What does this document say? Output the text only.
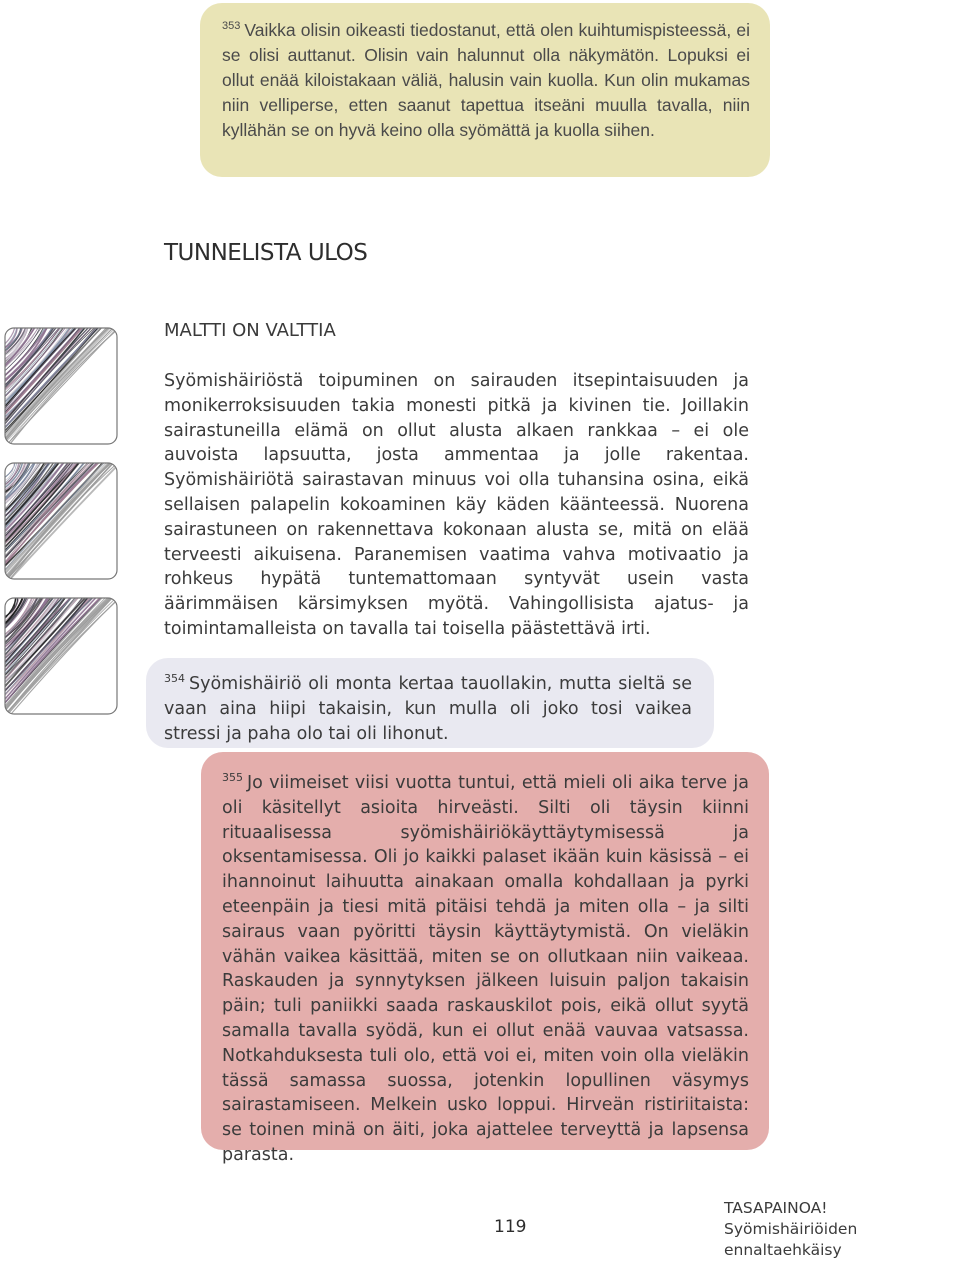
$^{353}$ Vaikka olisin oikeasti tiedostanut, että olen kuihtumispisteessä, ei se olisi auttanut. Olisin vain halunnut olla näkymätön. Lopuksi ei ollut enää kiloistakaan väliä, halusin vain kuolla. Kun olin mukamas niin velliperse, etten saanut tapettua itseäni muulla tavalla, niin kyllähän se on hyvä keino olla syömättä ja kuolla siihen.
TUNNELISTA ULOS
MALTTI ON VALTTIA

Syömishäiriöstä toipuminen on sairauden itsepintaisuuden ja monikerroksisuuden takia monesti pitkä ja kivinen tie. Joillakin sairastuneilla elämä on ollut alusta alkaen rankkaa – ei ole auvoista lapsuutta, josta ammentaa ja jolle rakentaa. Syömishäiriötä sairastavan minuus voi olla tuhansina osina, eikä sellaisen palapelin kokoaminen käy käden käänteessä. Nuorena sairastuneen on rakennettava kokonaan alusta se, mitä on elää terveesti aikuisena. Paranemisen vaatima vahva motivaatio ja rohkeus hypätä tuntemattomaan syntyvät usein vasta äärimmäisen kärsimyksen myötä. Vahingollisista ajatus- ja toimintamalleista on tavalla tai toisella päästettävä irti.

$^{354}$ Syömishäiriö oli monta kertaa tauollakin, mutta sieltä se vaan aina hiipi takaisin, kun mulla oli joko tosi vaikea stressi ja paha olo tai oli lihonut.
$^{355}$ Jo viimeiset viisi vuotta tuntui, että mieli oli aika terve ja oli käsitellyt asioita hirveästi. Silti oli täysin kiinni rituaalisessa syömishäiriökäyttäytymisessä ja oksentamisessa. Oli jo kaikki palaset ikään kuin käsissä – ei ihannoinut laihuutta ainakaan omalla kohdallaan ja pyrki eteenpäin ja tiesi mitä pitäisi tehdä ja miten olla – ja silti sairaus vaan pyöritti täysin käyttäytymistä. On vieläkin vähän vaikea käsittää, miten se on ollutkaan niin vaikeaa. Raskauden ja synnytyksen jälkeen luisuin paljon takaisin päin; tuli paniikki saada raskauskilot pois, eikä ollut syytä samalla tavalla syödä, kun ei ollut enää vauvaa vatsassa. Notkahduksesta tuli olo, että voi ei, miten voin olla vieläkin tässä samassa suossa, jotenkin lopullinen väsymys sairastamiseen. Melkein usko loppui. Hirveän ristiriitaista: se toinen minä on äiti, joka ajattelee terveyttä ja lapsensa parasta.
119
TASAPAINOA!
Syömishäiriöiden ennaltaehkäisy
